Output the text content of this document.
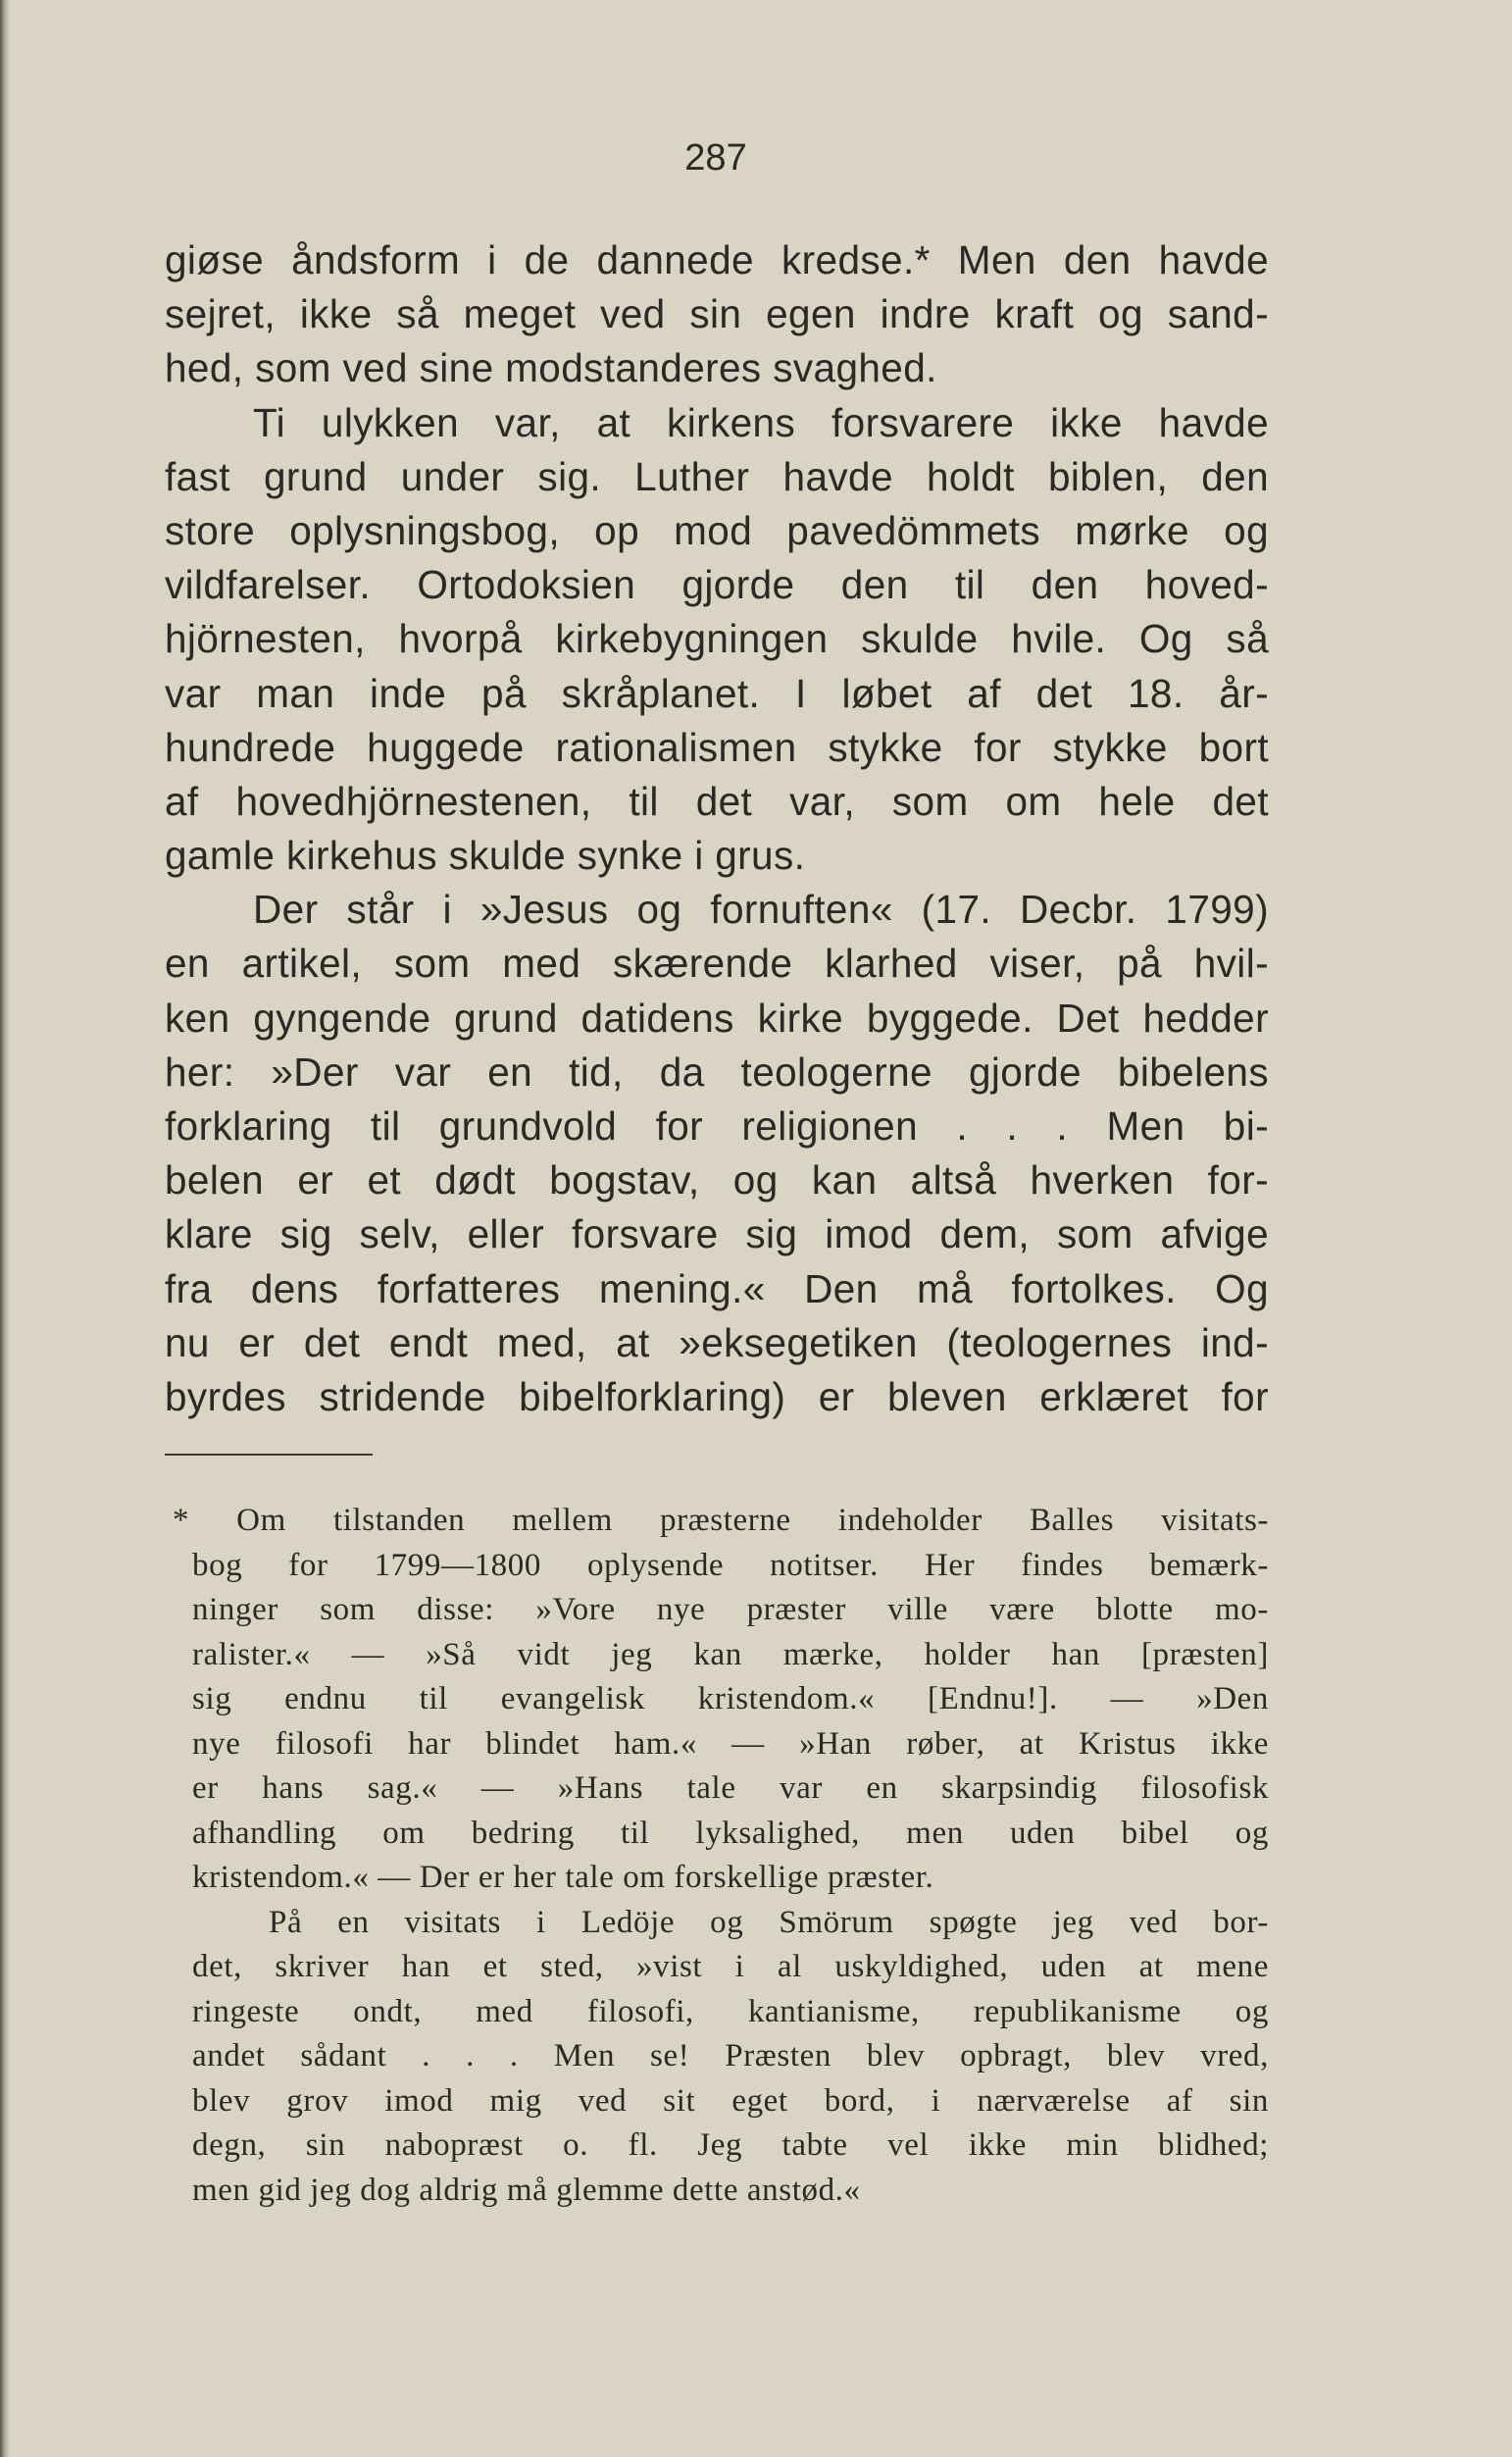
287
giøse åndsform i de dannede kredse.* Men den havde
sejret, ikke så meget ved sin egen indre kraft og sand-
hed, som ved sine modstanderes svaghed.
Ti ulykken var, at kirkens forsvarere ikke havde
fast grund under sig. Luther havde holdt biblen, den
store oplysningsbog, op mod pavedömmets mørke og
vildfarelser. Ortodoksien gjorde den til den hoved-
hjörnesten, hvorpå kirkebygningen skulde hvile. Og så
var man inde på skråplanet. I løbet af det 18. år-
hundrede huggede rationalismen stykke for stykke bort
af hovedhjörnestenen, til det var, som om hele det
gamle kirkehus skulde synke i grus.
Der står i »Jesus og fornuften« (17. Decbr. 1799)
en artikel, som med skærende klarhed viser, på hvil-
ken gyngende grund datidens kirke byggede. Det hedder
her: »Der var en tid, da teologerne gjorde bibelens
forklaring til grundvold for religionen . . . Men bi-
belen er et dødt bogstav, og kan altså hverken for-
klare sig selv, eller forsvare sig imod dem, som afvige
fra dens forfatteres mening.« Den må fortolkes. Og
nu er det endt med, at »eksegetiken (teologernes ind-
byrdes stridende bibelforklaring) er bleven erklæret for
* Om tilstanden mellem præsterne indeholder Balles visitats-
bog for 1799—1800 oplysende notitser. Her findes bemærk-
ninger som disse: »Vore nye præster ville være blotte mo-
ralister.« — »Så vidt jeg kan mærke, holder han [præsten]
sig endnu til evangelisk kristendom.« [Endnu!]. — »Den
nye filosofi har blindet ham.« — »Han røber, at Kristus ikke
er hans sag.« — »Hans tale var en skarpsindig filosofisk
afhandling om bedring til lyksalighed, men uden bibel og
kristendom.« — Der er her tale om forskellige præster.
På en visitats i Ledöje og Smörum spøgte jeg ved bor-
det, skriver han et sted, »vist i al uskyldighed, uden at mene
ringeste ondt, med filosofi, kantianisme, republikanisme og
andet sådant . . . Men se! Præsten blev opbragt, blev vred,
blev grov imod mig ved sit eget bord, i nærværelse af sin
degn, sin nabopræst o. fl. Jeg tabte vel ikke min blidhed;
men gid jeg dog aldrig må glemme dette anstød.«
